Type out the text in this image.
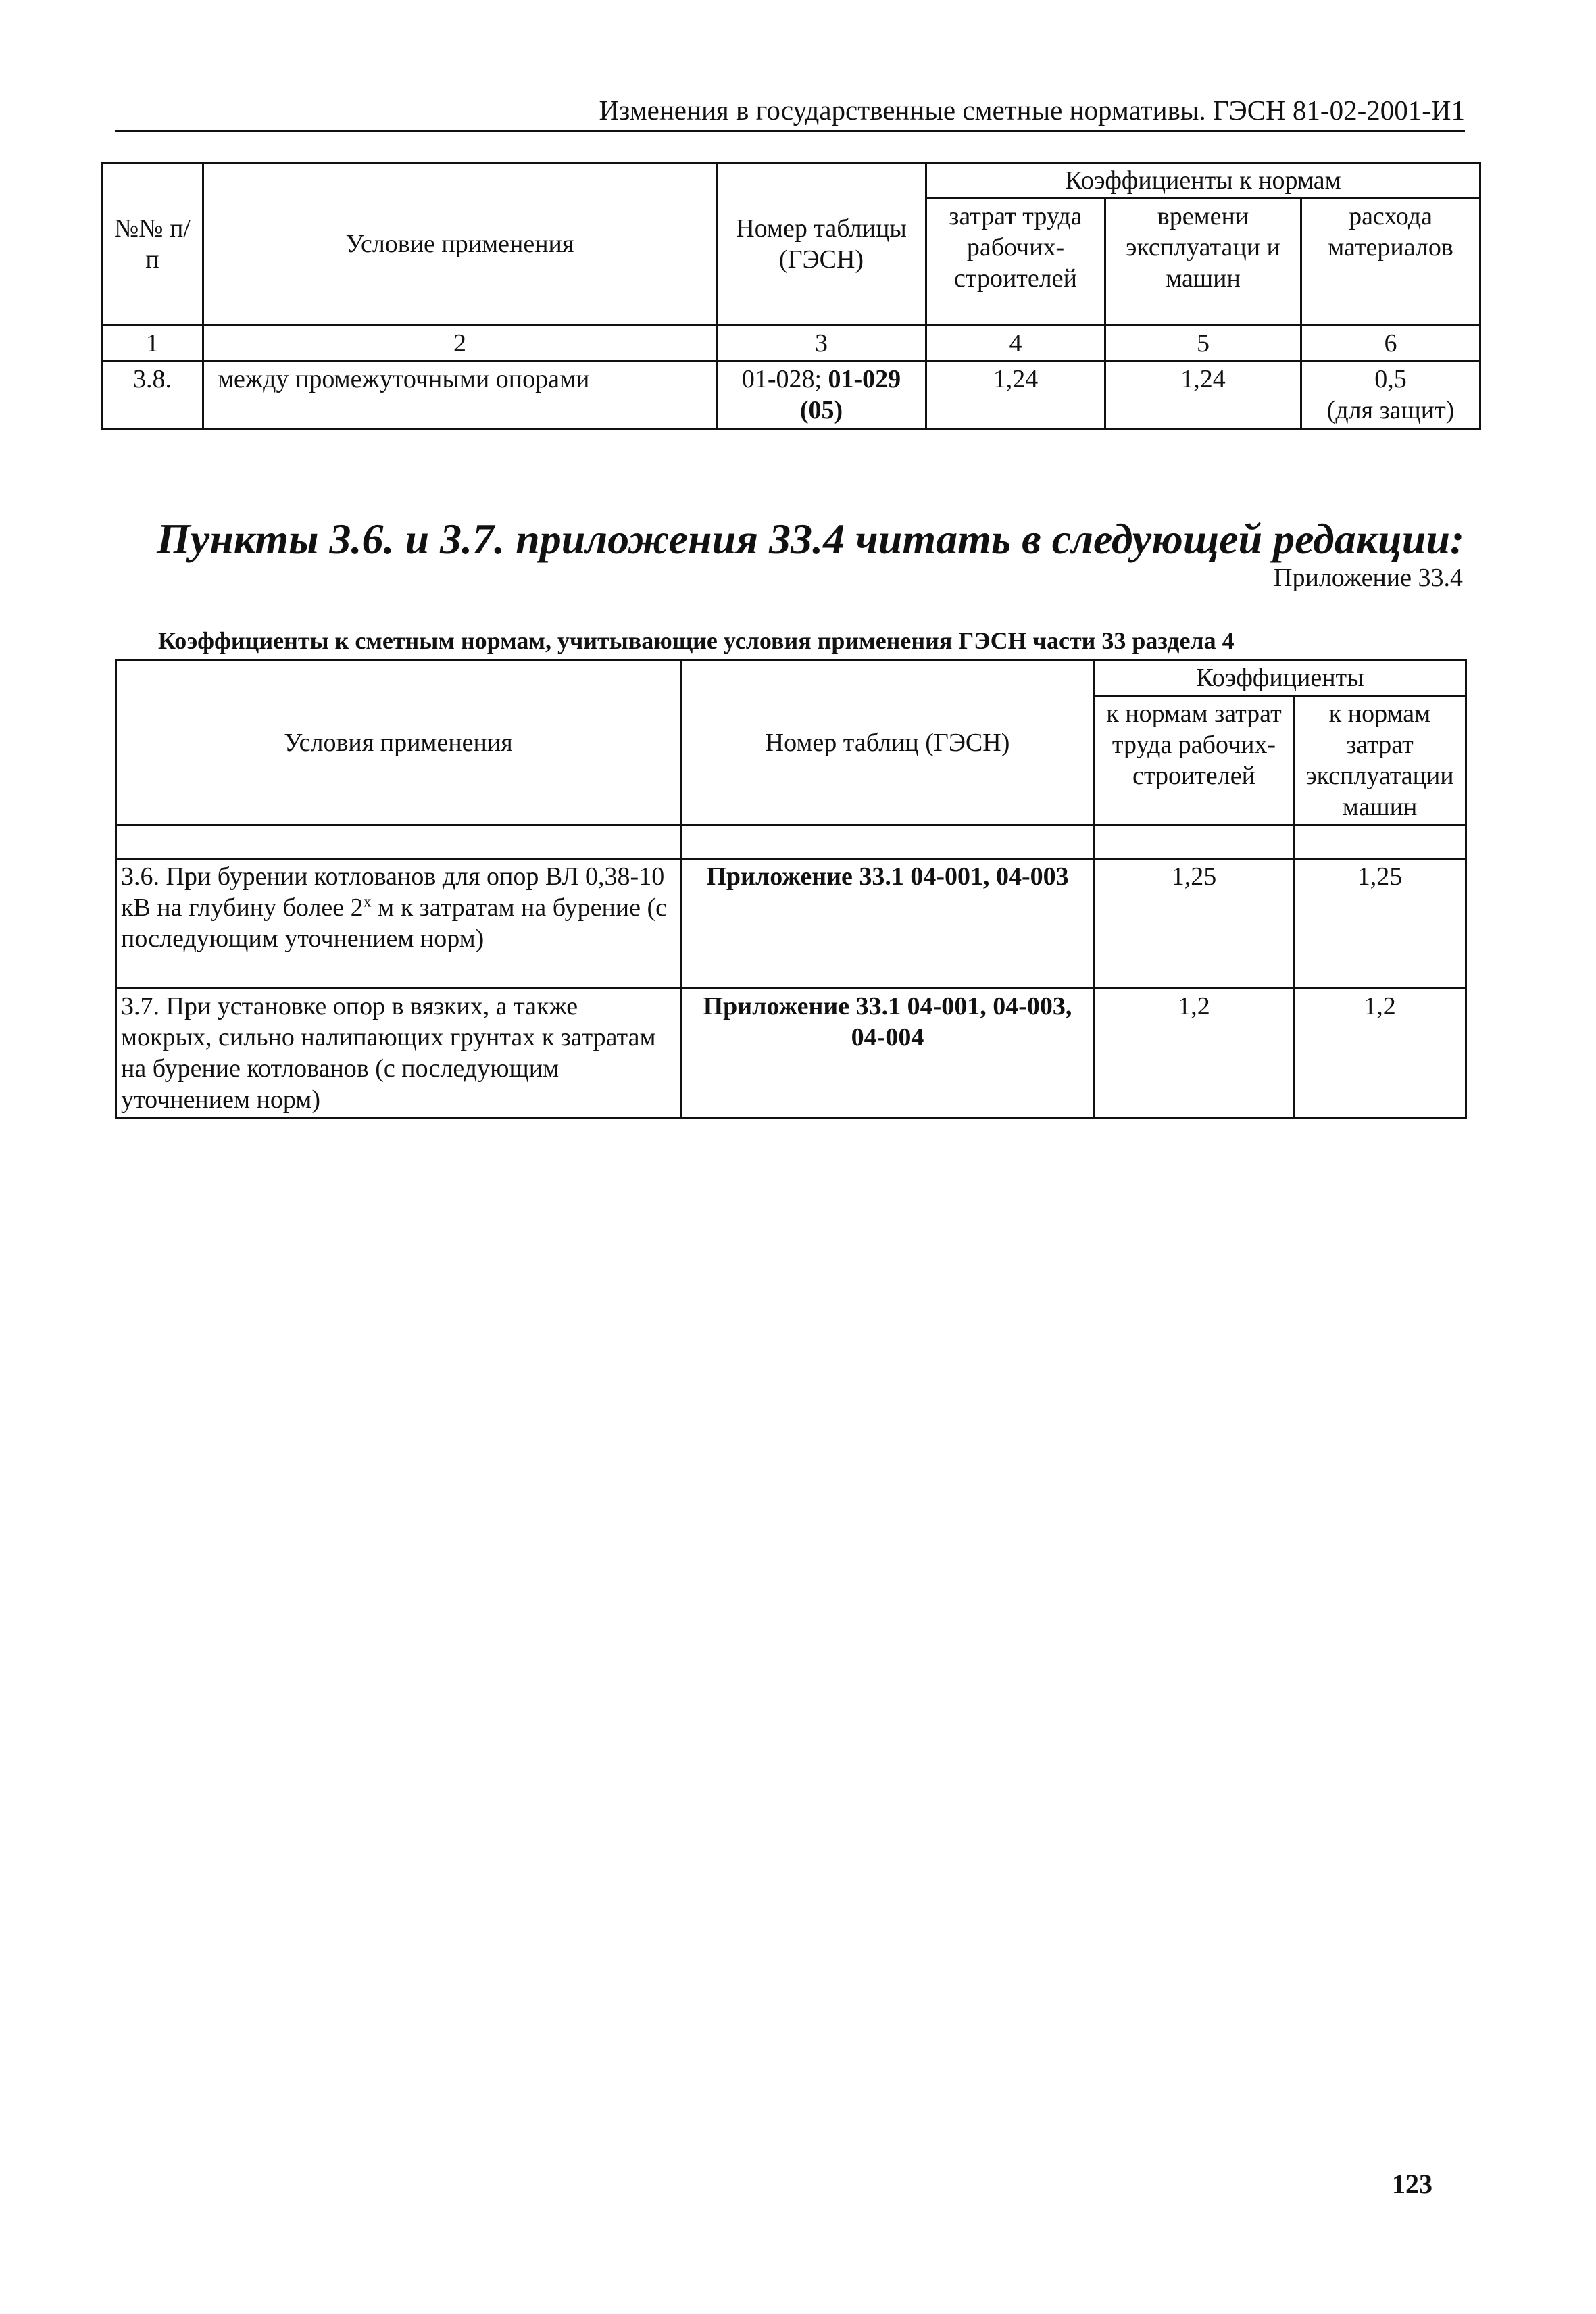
Изменения в государственные сметные нормативы. ГЭСН 81-02-2001-И1
№№ п/п	Условие применения	Номер таблицы (ГЭСН)	Коэффициенты к нормам		
			затрат труда рабочих-строителей	времени эксплуатаци и машин	расхода материалов
1	2	3	4	5	6
3.8.	между промежуточными опорами	01-028; 01-029 (05)	1,24	1,24	0,5
(для защит)
Пункты 3.6. и 3.7. приложения 33.4 читать в следующей редакции:
Приложение 33.4
Коэффициенты к сметным нормам, учитывающие условия применения ГЭСН части 33 раздела 4
Условия применения	Номер таблиц (ГЭСН)	Коэффициенты	
		к нормам затрат труда рабочих-строителей	к нормам затрат эксплуатации машин

3.6. При бурении котлованов для опор ВЛ 0,38-10 кВ на глубину более $2^х$ м к затратам на бурение (с последующим уточнением норм)	Приложение 33.1 04-001, 04-003	1,25	1,25
3.7. При установке опор в вязких, а также мокрых, сильно налипающих грунтах к затратам на бурение котлованов (с последующим уточнением норм)	Приложение 33.1 04-001, 04-003, 04-004	1,2	1,2
123
